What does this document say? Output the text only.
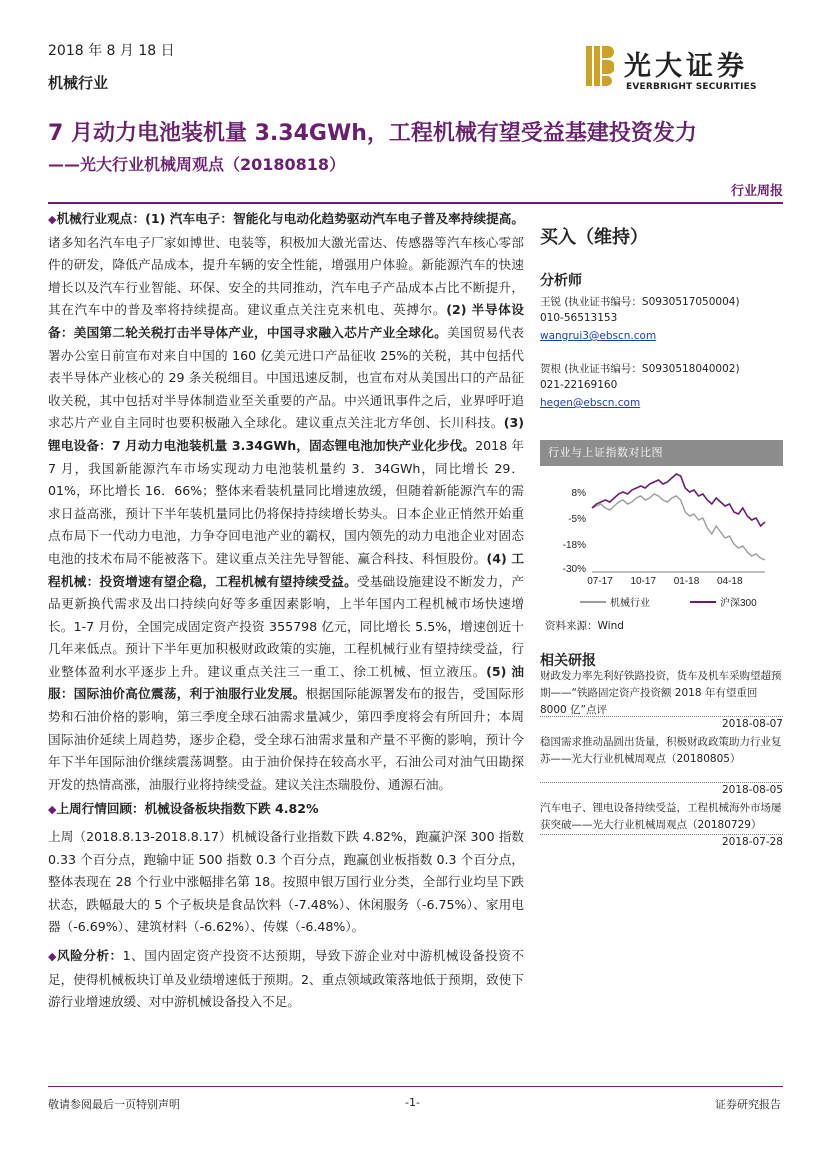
2018 年 8 月 18 日
机械行业
光大证券
EVERBRIGHT SECURITIES
7 月动力电池装机量 3.34GWh，工程机械有望受益基建投资发力
——光大行业机械周观点（20180818）
行业周报

◆机械行业观点：(1) 汽车电子：智能化与电动化趋势驱动汽车电子普及率持续提高。诸多知名汽车电子厂家如博世、电装等，积极加大激光雷达、传感器等汽车核心零部件的研发，降低产品成本，提升车辆的安全性能，增强用户体验。新能源汽车的快速增长以及汽车行业智能、环保、安全的共同推动，汽车电子产品成本占比不断提升，其在汽车中的普及率将持续提高。建议重点关注克来机电、英搏尔。(2) 半导体设备：美国第二轮关税打击半导体产业，中国寻求融入芯片产业全球化。美国贸易代表署办公室日前宣布对来自中国的 160 亿美元进口产品征收 25%的关税，其中包括代表半导体产业核心的 29 条关税细目。中国迅速反制，也宣布对从美国出口的产品征收关税，其中包括对半导体制造业至关重要的产品。中兴通讯事件之后，业界呼吁追求芯片产业自主同时也要积极融入全球化。建议重点关注北方华创、长川科技。(3) 锂电设备：7 月动力电池装机量 3.34GWh，固态锂电池加快产业化步伐。2018 年 7 月，我国新能源汽车市场实现动力电池装机量约 3．34GWh，同比增长 29．01%，环比增长 16．66%；整体来看装机量同比增速放缓，但随着新能源汽车的需求日益高涨，预计下半年装机量同比仍将保持持续增长势头。日本企业正悄然开始重点布局下一代动力电池，力争夺回电池产业的霸权，国内领先的动力电池企业对固态电池的技术布局不能被落下。建议重点关注先导智能、赢合科技、科恒股份。(4) 工程机械：投资增速有望企稳，工程机械有望持续受益。受基础设施建设不断发力，产品更新换代需求及出口持续向好等多重因素影响，上半年国内工程机械市场快速增长。1-7 月份，全国完成固定资产投资 355798 亿元，同比增长 5.5%，增速创近十几年来低点。预计下半年更加积极财政政策的实施，工程机械行业有望持续受益，行业整体盈利水平逐步上升。建议重点关注三一重工、徐工机械、恒立液压。(5) 油服：国际油价高位震荡，利于油服行业发展。根据国际能源署发布的报告，受国际形势和石油价格的影响，第三季度全球石油需求量减少，第四季度将会有所回升；本周国际油价延续上周趋势，逐步企稳，受全球石油需求量和产量不平衡的影响，预计今年下半年国际油价继续震荡调整。由于油价保持在较高水平，石油公司对油气田勘探开发的热情高涨，油服行业将持续受益。建议关注杰瑞股份、通源石油。

◆上周行情回顾：机械设备板块指数下跌 4.82%

上周（2018.8.13-2018.8.17）机械设备行业指数下跌 4.82%，跑赢沪深 300 指数 0.33 个百分点，跑输中证 500 指数 0.3 个百分点，跑赢创业板指数 0.3 个百分点，整体表现在 28 个行业中涨幅排名第 18。按照申银万国行业分类，全部行业均呈下跌状态，跌幅最大的 5 个子板块是食品饮料（-7.48%）、休闲服务（-6.75%）、家用电器（-6.69%）、建筑材料（-6.62%）、传媒（-6.48%）。

◆风险分析：1、国内固定资产投资不达预期，导致下游企业对中游机械设备投资不足，使得机械板块订单及业绩增速低于预期。2、重点领域政策落地低于预期，致使下游行业增速放缓、对中游机械设备投入不足。

买入（维持）
分析师
王锐 (执业证书编号：S0930517050004)
010-56513153
wangrui3@ebscn.com
贺根 (执业证书编号：S0930518040002)
021-22169160
hegen@ebscn.com
行业与上证指数对比图
8%
-5%
-18%
-30%
07-17 10-17 01-18 04-18
机械行业	沪深300
资料来源：Wind
相关研报
财政发力率先利好铁路投资，货车及机车采购望超预期——“铁路固定资产投资额 2018 年有望重回 8000 亿”点评
2018-08-07
稳国需求推动晶圆出货量，积极财政政策助力行业复苏——光大行业机械周观点（20180805）
2018-08-05
汽车电子、锂电设备持续受益，工程机械海外市场屡获突破——光大行业机械周观点（20180729）
2018-07-28
敬请参阅最后一页特别声明	-1-	证券研究报告
